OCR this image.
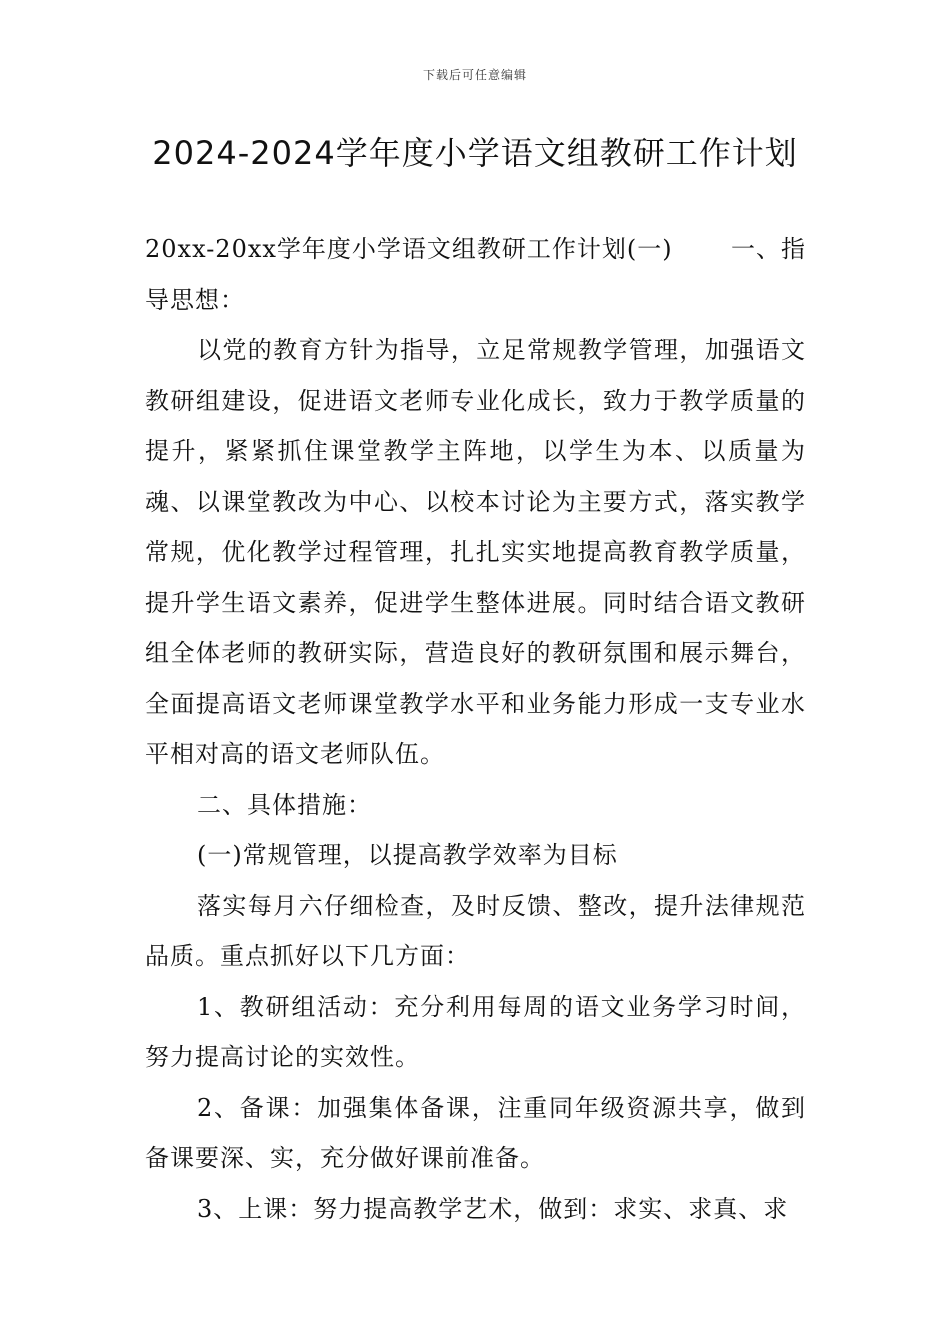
下载后可任意编辑
2024-2024学年度小学语文组教研工作计划
20xx-20xx学年度小学语文组教研工作计划(一) 一、指

导思想：

以党的教育方针为指导，立足常规教学管理，加强语文教研组建设，促进语文老师专业化成长，致力于教学质量的提升，紧紧抓住课堂教学主阵地，以学生为本、以质量为魂、以课堂教改为中心、以校本讨论为主要方式，落实教学常规，优化教学过程管理，扎扎实实地提高教育教学质量，提升学生语文素养，促进学生整体进展。同时结合语文教研组全体老师的教研实际，营造良好的教研氛围和展示舞台，全面提高语文老师课堂教学水平和业务能力形成一支专业水平相对高的语文老师队伍。

二、具体措施：

(一)常规管理，以提高教学效率为目标

落实每月六仔细检查，及时反馈、整改，提升法律规范品质。重点抓好以下几方面：

1、教研组活动：充分利用每周的语文业务学习时间，努力提高讨论的实效性。

2、备课：加强集体备课，注重同年级资源共享，做到备课要深、实，充分做好课前准备。

3、上课：努力提高教学艺术，做到：求实、求真、求
